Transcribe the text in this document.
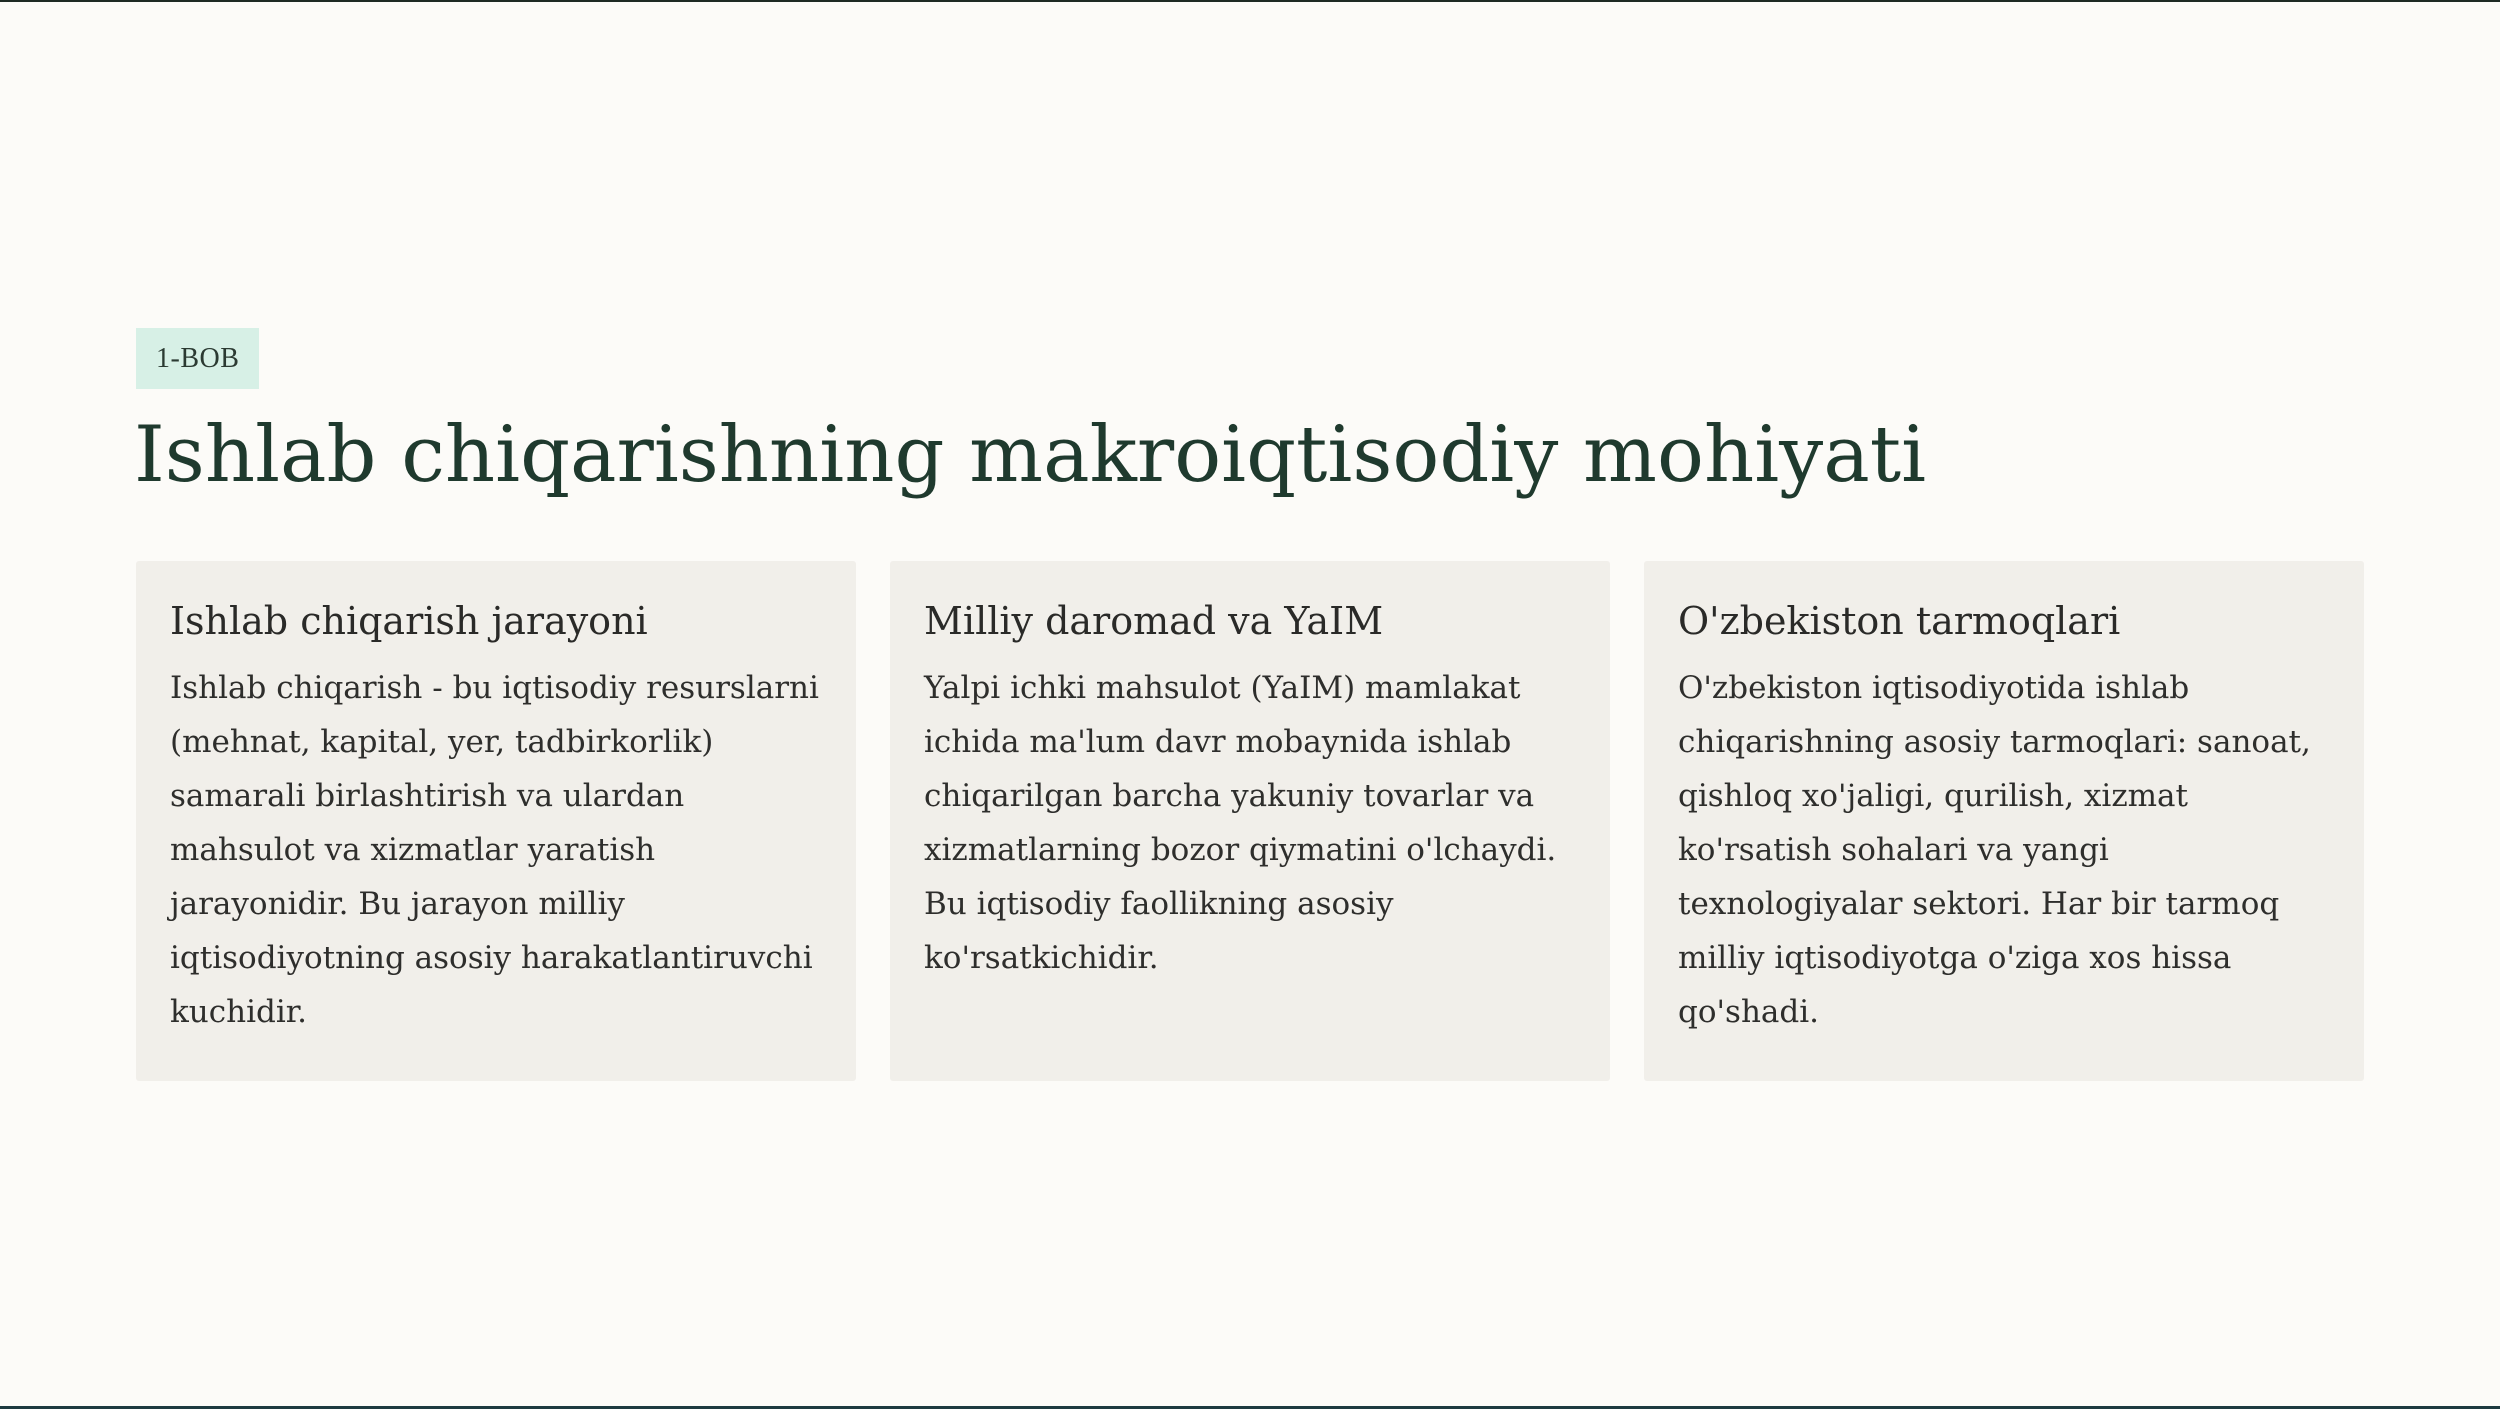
1-BOB
Ishlab chiqarishning makroiqtisodiy mohiyati
Ishlab chiqarish jarayoni

Ishlab chiqarish - bu iqtisodiy resurslarni
(mehnat, kapital, yer, tadbirkorlik)
samarali birlashtirish va ulardan
mahsulot va xizmatlar yaratish
jarayonidir. Bu jarayon milliy
iqtisodiyotning asosiy harakatlantiruvchi
kuchidir.

Milliy daromad va YaIM

Yalpi ichki mahsulot (YaIM) mamlakat
ichida ma'lum davr mobaynida ishlab
chiqarilgan barcha yakuniy tovarlar va
xizmatlarning bozor qiymatini o'lchaydi.
Bu iqtisodiy faollikning asosiy
ko'rsatkichidir.

O'zbekiston tarmoqlari

O'zbekiston iqtisodiyotida ishlab
chiqarishning asosiy tarmoqlari: sanoat,
qishloq xo'jaligi, qurilish, xizmat
ko'rsatish sohalari va yangi
texnologiyalar sektori. Har bir tarmoq
milliy iqtisodiyotga o'ziga xos hissa
qo'shadi.
